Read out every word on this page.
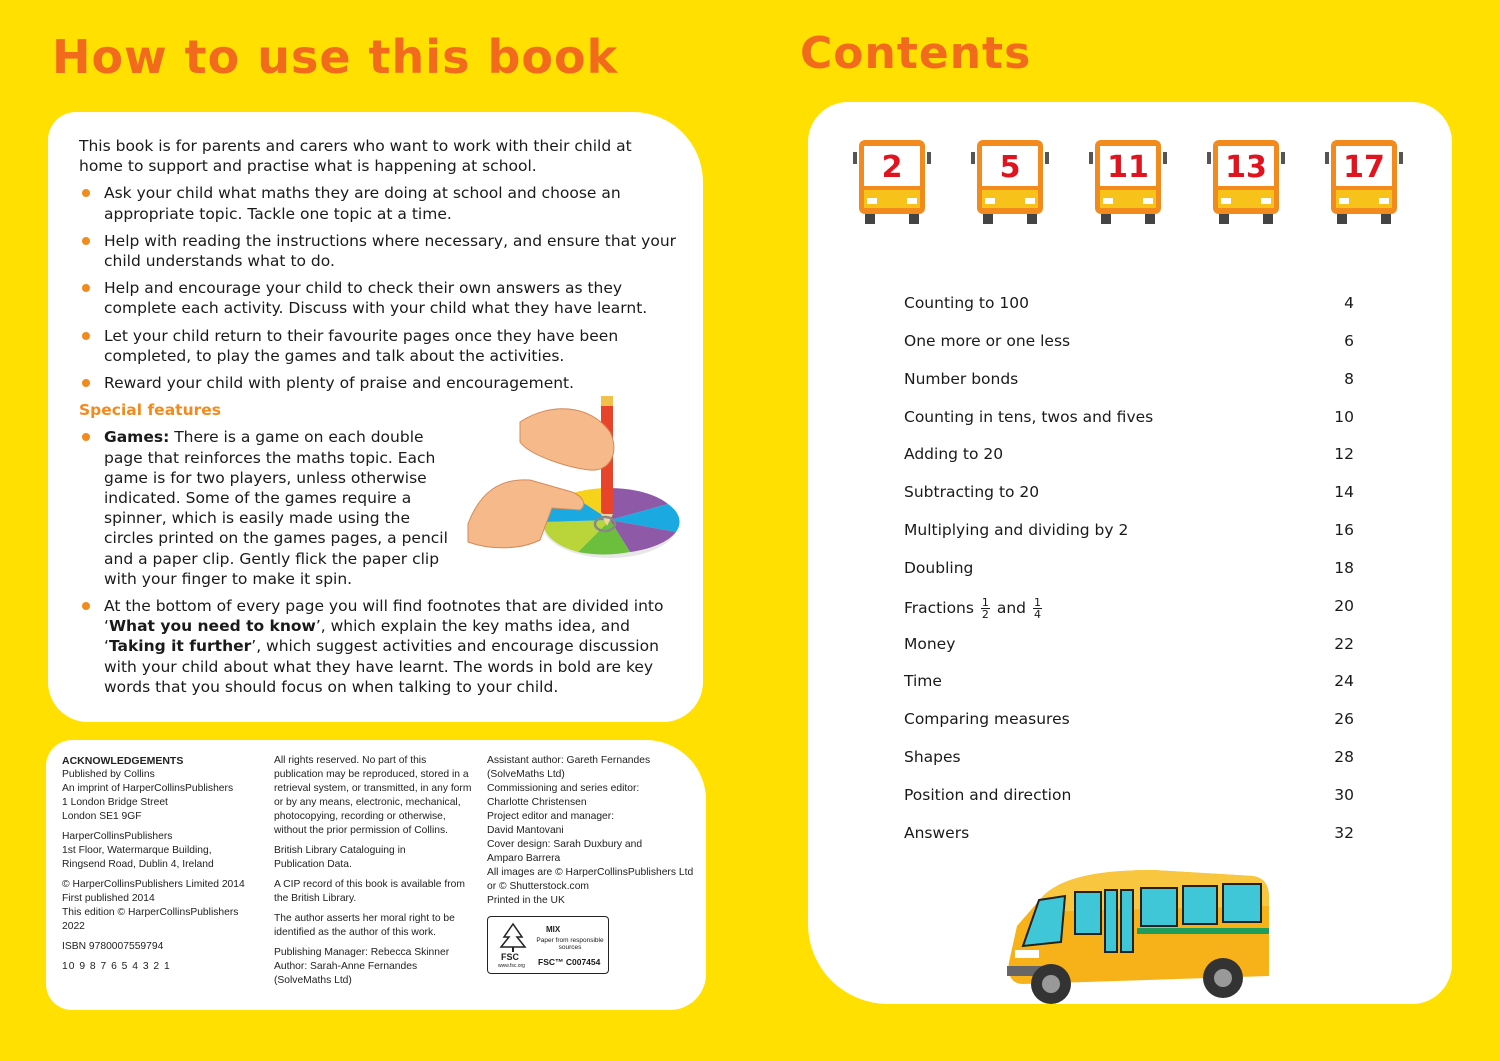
How to use this book	Contents

This book is for parents and carers who want to work with their child at home to support and practise what is happening at school.

Ask your child what maths they are doing at school and choose an appropriate topic. Tackle one topic at a time.
Help with reading the instructions where necessary, and ensure that your child understands what to do.
Help and encourage your child to check their own answers as they complete each activity. Discuss with your child what they have learnt.
Let your child return to their favourite pages once they have been completed, to play the games and talk about the activities.
Reward your child with plenty of praise and encouragement.
Special features
Games: There is a game on each double page that reinforces the maths topic. Each game is for two players, unless otherwise indicated. Some of the games require a spinner, which is easily made using the circles printed on the games pages, a pencil and a paper clip. Gently flick the paper clip with your finger to make it spin.
At the bottom of every page you will find footnotes that are divided into ‘What you need to know’, which explain the key maths idea, and ‘Taking it further’, which suggest activities and encourage discussion with your child about what they have learnt. The words in bold are key words that you should focus on when talking to your child.
ACKNOWLEDGEMENTS
Published by Collins
An imprint of HarperCollinsPublishers
1 London Bridge Street
London SE1 9GF
HarperCollinsPublishers
1st Floor, Watermarque Building,
Ringsend Road, Dublin 4, Ireland
© HarperCollinsPublishers Limited 2014
First published 2014
This edition © HarperCollinsPublishers 2022
ISBN 9780007559794
10 9 8 7 6 5 4 3 2 1
All rights reserved. No part of this
publication may be reproduced, stored in a
retrieval system, or transmitted, in any form
or by any means, electronic, mechanical,
photocopying, recording or otherwise,
without the prior permission of Collins.
British Library Cataloguing in
Publication Data.
A CIP record of this book is available from
the British Library.
The author asserts her moral right to be
identified as the author of this work.
Publishing Manager: Rebecca Skinner
Author: Sarah-Anne Fernandes
(SolveMaths Ltd)
Assistant author: Gareth Fernandes
(SolveMaths Ltd)
Commissioning and series editor:
Charlotte Christensen
Project editor and manager:
David Mantovani
Cover design: Sarah Duxbury and
Amparo Barrera
All images are © HarperCollinsPublishers Ltd
or © Shutterstock.com
Printed in the UK
FSC
www.fsc.org
MIX
Paper from responsible sources
FSC™ C007454
2	5	11	13	17
Counting to 100	4
One more or one less	6
Number bonds	8
Counting in tens, twos and fives	10
Adding to 20	12
Subtracting to 20	14
Multiplying and dividing by 2	16
Doubling	18
Fractions $\frac{1}{2}$ and $\frac{1}{4}$	20
Money	22
Time	24
Comparing measures	26
Shapes	28
Position and direction	30
Answers	32
